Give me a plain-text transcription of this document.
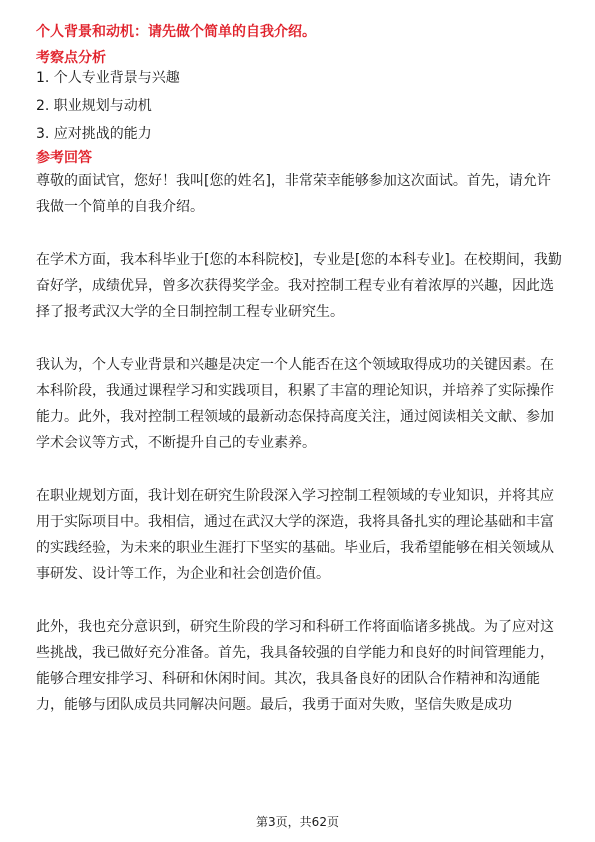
个人背景和动机：请先做个简单的自我介绍。
考察点分析
1. 个人专业背景与兴趣
2. 职业规划与动机
3. 应对挑战的能力
参考回答

尊敬的面试官，您好！我叫[您的姓名]，非常荣幸能够参加这次面试。首先，请允许我做一个简单的自我介绍。

在学术方面，我本科毕业于[您的本科院校]，专业是[您的本科专业]。在校期间，我勤奋好学，成绩优异，曾多次获得奖学金。我对控制工程专业有着浓厚的兴趣，因此选择了报考武汉大学的全日制控制工程专业研究生。

我认为，个人专业背景和兴趣是决定一个人能否在这个领域取得成功的关键因素。在本科阶段，我通过课程学习和实践项目，积累了丰富的理论知识，并培养了实际操作能力。此外，我对控制工程领域的最新动态保持高度关注，通过阅读相关文献、参加学术会议等方式，不断提升自己的专业素养。

在职业规划方面，我计划在研究生阶段深入学习控制工程领域的专业知识，并将其应用于实际项目中。我相信，通过在武汉大学的深造，我将具备扎实的理论基础和丰富的实践经验，为未来的职业生涯打下坚实的基础。毕业后，我希望能够在相关领域从事研发、设计等工作，为企业和社会创造价值。

此外，我也充分意识到，研究生阶段的学习和科研工作将面临诸多挑战。为了应对这些挑战，我已做好充分准备。首先，我具备较强的自学能力和良好的时间管理能力，能够合理安排学习、科研和休闲时间。其次，我具备良好的团队合作精神和沟通能力，能够与团队成员共同解决问题。最后，我勇于面对失败，坚信失败是成功

第3页，共62页
